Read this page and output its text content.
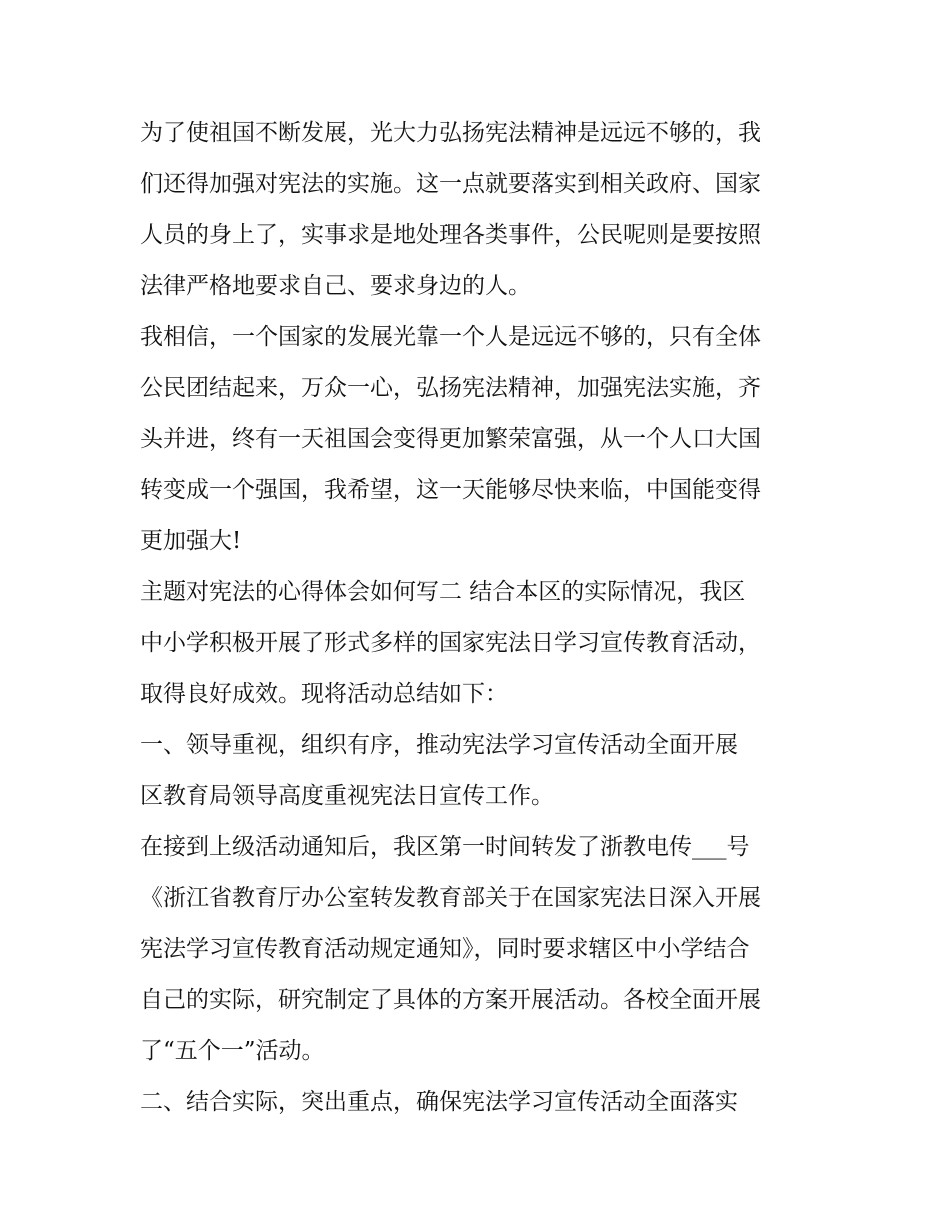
为了使祖国不断发展，光大力弘扬宪法精神是远远不够的，我
们还得加强对宪法的实施。这一点就要落实到相关政府、国家
人员的身上了，实事求是地处理各类事件，公民呢则是要按照
法律严格地要求自己、要求身边的人。
我相信，一个国家的发展光靠一个人是远远不够的，只有全体
公民团结起来，万众一心，弘扬宪法精神，加强宪法实施，齐
头并进，终有一天祖国会变得更加繁荣富强，从一个人口大国
转变成一个强国，我希望，这一天能够尽快来临，中国能变得
更加强大!
主题对宪法的心得体会如何写二 结合本区的实际情况，我区
中小学积极开展了形式多样的国家宪法日学习宣传教育活动，
取得良好成效。现将活动总结如下：
一、领导重视，组织有序，推动宪法学习宣传活动全面开展
区教育局领导高度重视宪法日宣传工作。
在接到上级活动通知后，我区第一时间转发了浙教电传___号
《浙江省教育厅办公室转发教育部关于在国家宪法日深入开展
宪法学习宣传教育活动规定通知》，同时要求辖区中小学结合
自己的实际，研究制定了具体的方案开展活动。各校全面开展
了“五个一”活动。
二、结合实际，突出重点，确保宪法学习宣传活动全面落实
